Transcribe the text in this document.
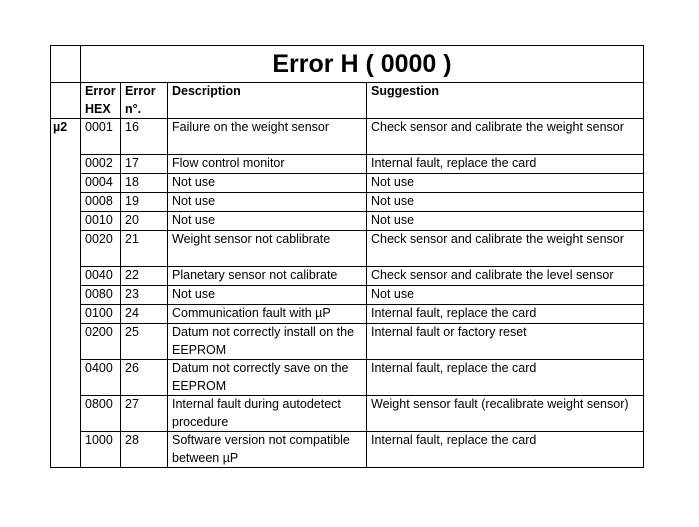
	Error H ( 0000 )			
	Error HEX	Error n°.	Description	Suggestion
µ2	0001	16	Failure on the weight sensor	Check sensor and calibrate the weight sensor
	0002	17	Flow control monitor	Internal fault, replace the card
	0004	18	Not use	Not use
	0008	19	Not use	Not use
	0010	20	Not use	Not use
	0020	21	Weight sensor not cablibrate	Check sensor and calibrate the weight sensor
	0040	22	Planetary sensor not calibrate	Check sensor and calibrate the level sensor
	0080	23	Not use	Not use
	0100	24	Communication fault with µP	Internal fault, replace the card
	0200	25	Datum not correctly install on the EEPROM	Internal fault or factory reset
	0400	26	Datum not correctly save on the EEPROM	Internal fault, replace the card
	0800	27	Internal fault during autodetect procedure	Weight sensor fault (recalibrate weight sensor)
	1000	28	Software version not compatible between µP	Internal fault, replace the card
